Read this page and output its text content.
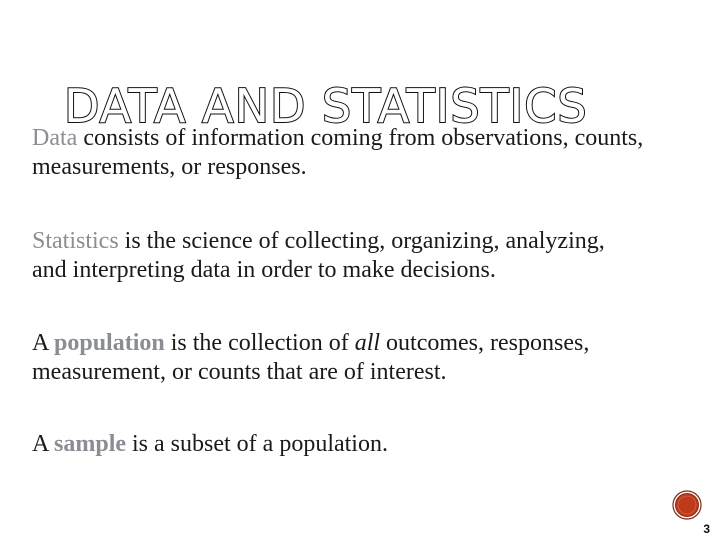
DATA AND STATISTICS

Data consists of information coming from observations, counts, measurements, or responses.

Statistics is the science of collecting, organizing, analyzing, and interpreting data in order to make decisions.

A population is the collection of all outcomes, responses, measurement, or counts that are of interest.

A sample is a subset of a population.

3
